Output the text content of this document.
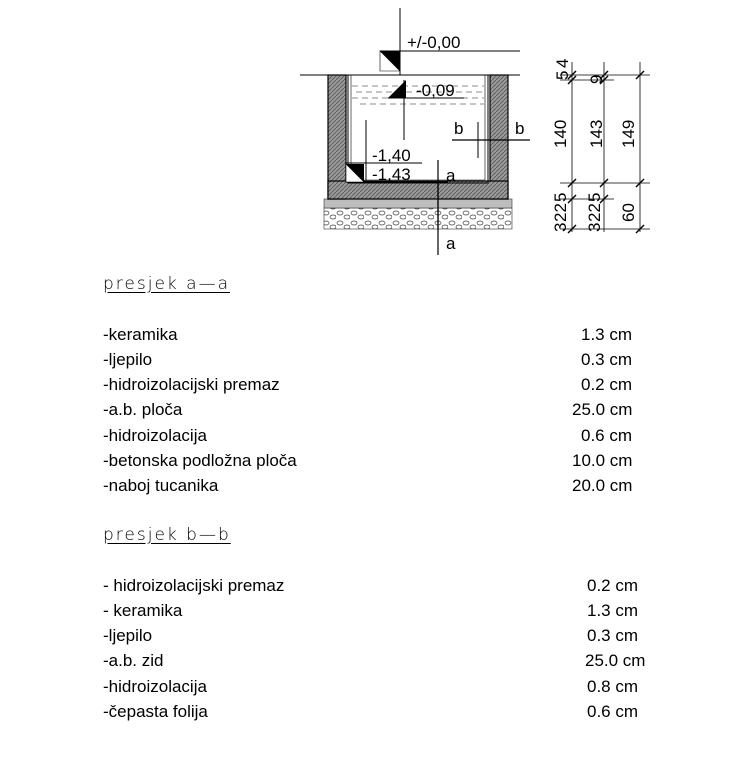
+/-0,00
-0,09
-1,40
-1,43 a
a
b	b
5
4
9
140 143 149
3
22
5
3
22
5
60
presjek a—a
-keramika	1.3 cm
-ljepilo	0.3 cm
-hidroizolacijski premaz	0.2 cm
-a.b. ploča	25.0 cm
-hidroizolacija	0.6 cm
-betonska podložna ploča	10.0 cm
-naboj tucanika	20.0 cm
presjek b—b
- hidroizolacijski premaz	0.2 cm
- keramika	1.3 cm
-ljepilo	0.3 cm
-a.b. zid	25.0 cm
-hidroizolacija	0.8 cm
-čepasta folija	0.6 cm
